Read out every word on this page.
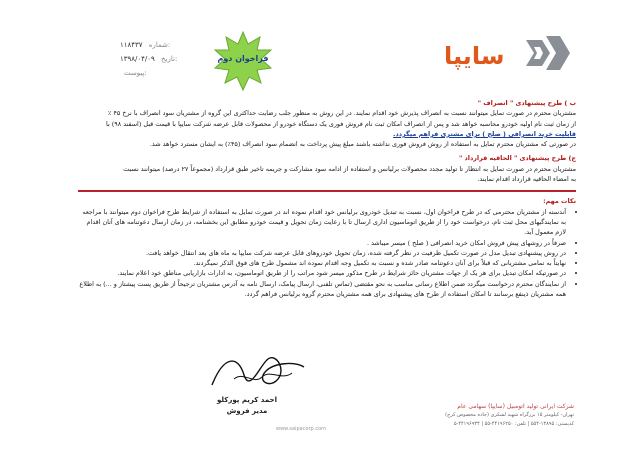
۱۱۸۴۳۷ شماره:
۱۳۹۸/۰۴/۰۹ تاریخ:
پیوست:
فراخوان دوم	سایپا

ب ) طرح پیشنهادی " انصراف "

مشتریان محترم در صورت تمایل میتوانند نسبت به انصراف پذیرش خود اقدام نمایند. در این روش به منظور جلب رضایت حداکثری این گروه از مشتریان سود انصراف با نرخ ۴۵ ٪

از زمان ثبت نام اولیه خودرو محاسبه خواهد شد و پس از انصراف امکان ثبت نام فروش فوری یک دستگاه خودرو از محصولات قابل عرضه شرکت سایپا با قیمت قبل (اسفند ۹۸) با

قابلیت خرید انصرافی ( صلح ) برای مشتری فراهم میگردد.

در صورتی که مشتریان محترم تمایل به استفاده از روش فروش فوری نداشته باشند مبلغ پیش پرداخت به انضمام سود انصراف (۴۵٪) به ایشان مسترد خواهد شد.

ج) طرح پیشنهادی " الحاقیه قرارداد "

مشتریان محترم در صورت تمایل به انتظار تا تولید مجدد محصولات برلیانس و استفاده از ادامه سود مشارکت و جریمه تاخیر طبق قرارداد (مجموعاً ۲۷ درصد) میتوانند نسبت

به امضاء الحاقیه قرارداد اقدام نمایند.

نکات مهم:

• آندسته از مشتریان محترمی که در طرح فراخوان اول، نسبت به تبدیل خودروی برلیانس خود اقدام نموده اند در صورت تمایل به استفاده از شرایط طرح فراخوان دوم میتوانند با مراجعه به نمایندگیهای محل ثبت نام، درخواست خود را از طریق اتوماسیون اداری ارسال تا با رعایت زمان تحویل و قیمت خودرو مطابق این بخشنامه، در زمان ارسال دعوتنامه های آنان اقدام لازم معمول آید.
• صرفاً در روشهای پیش فروش امکان خرید انصرافی ( صلح ) میسر میباشد .
• در روش پیشنهادی تبدیل مدل در صورت تکمیل ظرفیت در نظر گرفته شده، زمان تحویل خودروهای قابل عرضه شرکت سایپا به ماه های بعد انتقال خواهد یافت.
• نهایتاً به تمامی مشتریانی که قبلاً برای آنان دعوتنامه صادر شده و نسبت به تکمیل وجه اقدام نموده اند مشمول طرح های فوق الذکر نمیگردند.
• در صورتیکه امکان تبدیل برای هر یک از جهات مشتریان حائز شرایط در طرح مذکور میسر شود مراتب را از طریق اتوماسیون، به ادارات بازاریابی مناطق خود اعلام نمایند.
• از نمایندگان محترم درخواست میگردد ضمن اطلاع رسانی مناسب به نحو مقتضی (تماس تلفنی، ارسال پیامک، ارسال نامه به آدرس مشتریان ترجیحاً از طریق پست پیشتاز و ...) به اطلاع همه مشتریان ذینفع برسانند تا امکان استفاده از طرح های پیشنهادی برای همه مشتریان محترم گروه برلیانس فراهم گردد.
احمد کریم پورکلو
مدیر فروش
شرکت ایرانی تولید اتومبیل (سایپا) سهامی عام
تهران- کیلومتر ۱۵ بزرگراه شهید لشکری (جاده مخصوص کرج)
کدپستی: ۱۳۸۹۵-۵۵۴ | تلفن: ۴۴۱۹۶۲۵۰-۵۵ | ۴۴۱۹۶۹۳۴-۵
www.saipacorp.com
